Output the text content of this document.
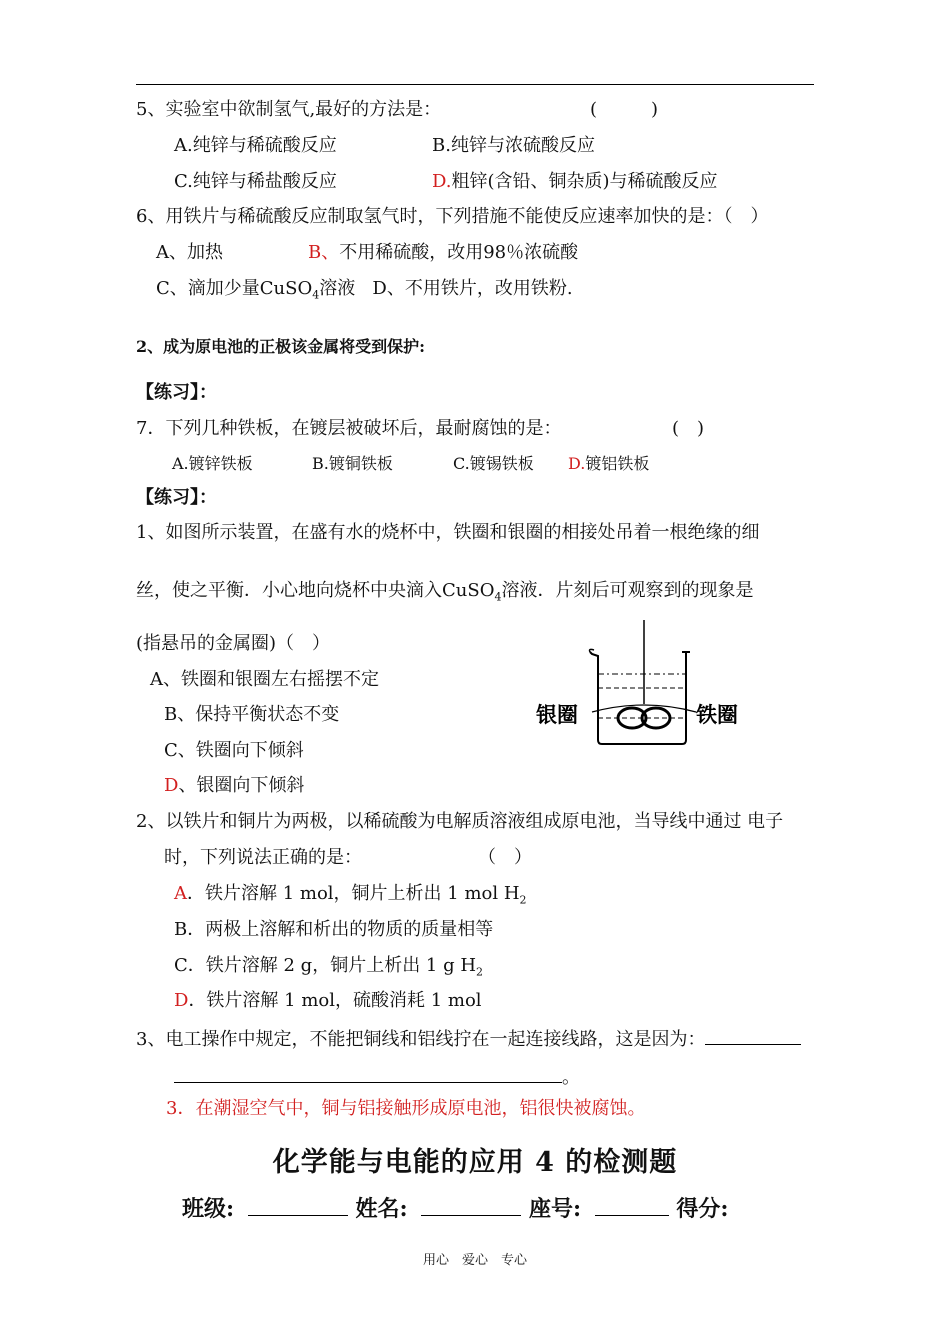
5、实验室中欲制氢气,最好的方法是：	(　　　)
A.纯锌与稀硫酸反应	B.纯锌与浓硫酸反应
C.纯锌与稀盐酸反应	D.粗锌(含铅、铜杂质)与稀硫酸反应
6、用铁片与稀硫酸反应制取氢气时，下列措施不能使反应速率加快的是：（　）
A、加热	B、不用稀硫酸，改用98％浓硫酸
C、滴加少量CuSO$_4$溶液 D、不用铁片，改用铁粉.
2、成为原电池的正极该金属将受到保护:
【练习】：
7．下列几种铁板，在镀层被破坏后，最耐腐蚀的是：	(　)
A.镀锌铁板	B.镀铜铁板	C.镀锡铁板 D.镀铝铁板
【练习】：
1、如图所示装置，在盛有水的烧杯中，铁圈和银圈的相接处吊着一根绝缘的细
丝，使之平衡．小心地向烧杯中央滴入CuSO$_4$溶液．片刻后可观察到的现象是
(指悬吊的金属圈)（　）
A、铁圈和银圈左右摇摆不定
B、保持平衡状态不变
C、铁圈向下倾斜
D、银圈向下倾斜
银圈	铁圈
2、以铁片和铜片为两极，以稀硫酸为电解质溶液组成原电池，当导线中通过 电子
时，下列说法正确的是：	（　）
A．铁片溶解 1 mol，铜片上析出 1 mol $H_2$
B．两极上溶解和析出的物质的质量相等
C．铁片溶解 2 g，铜片上析出 1 g $H_2$
D．铁片溶解 1 mol，硫酸消耗 1 mol
3、电工操作中规定，不能把铜线和铝线拧在一起连接线路，这是因为：
。
3．在潮湿空气中，铜与铝接触形成原电池，铝很快被腐蚀。
化学能与电能的应用 4 的检测题
班级:	姓名:	座号:	得分:
用心　爱心　专心
